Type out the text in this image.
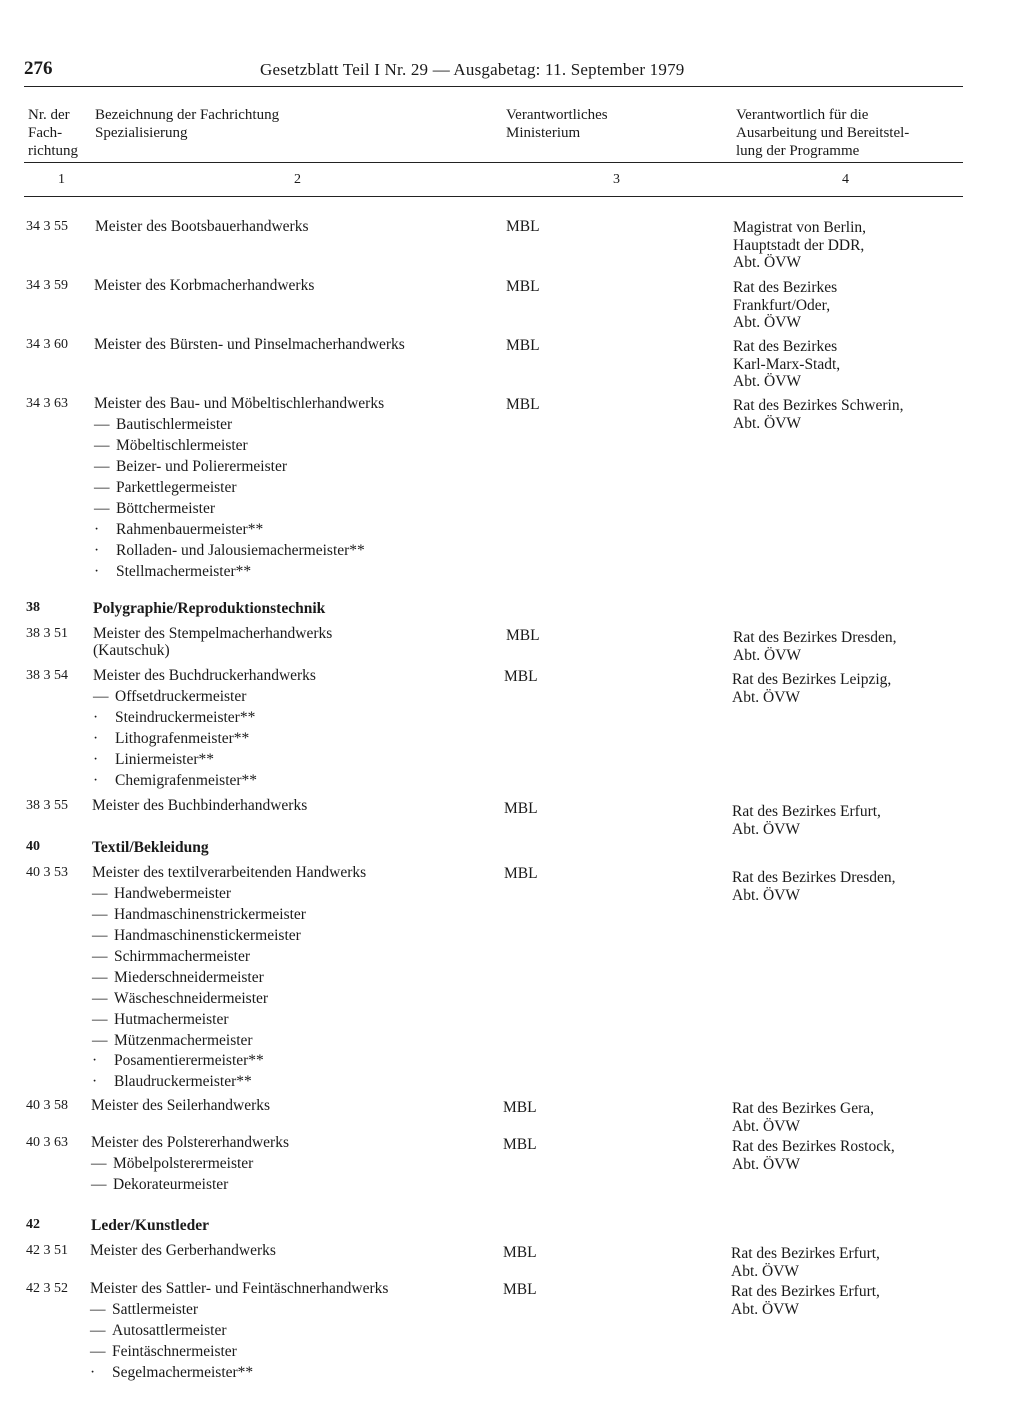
276	Gesetzblatt Teil I Nr. 29 — Ausgabetag: 11. September 1979
Nr. der
Fach-
richtung
Bezeichnung der Fachrichtung
Spezialisierung
Verantwortliches
Ministerium
Verantwortlich für die
Ausarbeitung und Bereitstel-
lung der Programme
1	2	3	4
34 3 55 Meister des Bootsbauerhandwerks	MBL	Magistrat von Berlin,
Hauptstadt der DDR,
Abt. ÖVW
34 3 59 Meister des Korbmacherhandwerks	MBL	Rat des Bezirkes
Frankfurt/Oder,
Abt. ÖVW
34 3 60 Meister des Bürsten- und Pinselmacherhandwerks	MBL	Rat des Bezirkes
Karl-Marx-Stadt,
Abt. ÖVW
34 3 63 Meister des Bau- und Möbeltischlerhandwerks	MBL	Rat des Bezirkes Schwerin,
Abt. ÖVW
— Bautischlermeister
— Möbeltischlermeister
— Beizer- und Polierermeister
— Parkettlegermeister
— Böttchermeister
· Rahmenbauermeister**
· Rolladen- und Jalousiemachermeister**
· Stellmachermeister**
38	Polygraphie/Reproduktionstechnik
38 3 51 Meister des Stempelmacherhandwerks
(Kautschuk)
MBL	Rat des Bezirkes Dresden,
Abt. ÖVW
38 3 54 Meister des Buchdruckerhandwerks	MBL	Rat des Bezirkes Leipzig,
Abt. ÖVW
— Offsetdruckermeister
· Steindruckermeister**
· Lithografenmeister**
· Liniermeister**
· Chemigrafenmeister**
38 3 55 Meister des Buchbinderhandwerks	MBL	Rat des Bezirkes Erfurt,
Abt. ÖVW
40	Textil/Bekleidung
40 3 53 Meister des textilverarbeitenden Handwerks	MBL	Rat des Bezirkes Dresden,
Abt. ÖVW
— Handwebermeister
— Handmaschinenstrickermeister
— Handmaschinenstickermeister
— Schirmmachermeister
— Miederschneidermeister
— Wäscheschneidermeister
— Hutmachermeister
— Mützenmachermeister
· Posamentierermeister**
· Blaudruckermeister**
40 3 58 Meister des Seilerhandwerks	MBL	Rat des Bezirkes Gera,
Abt. ÖVW
40 3 63 Meister des Polstererhandwerks	MBL	Rat des Bezirkes Rostock,
Abt. ÖVW
— Möbelpolsterermeister
— Dekorateurmeister
42	Leder/Kunstleder
42 3 51 Meister des Gerberhandwerks	MBL	Rat des Bezirkes Erfurt,
Abt. ÖVW
42 3 52 Meister des Sattler- und Feintäschnerhandwerks	MBL	Rat des Bezirkes Erfurt,
Abt. ÖVW
— Sattlermeister
— Autosattlermeister
— Feintäschnermeister
· Segelmachermeister**
